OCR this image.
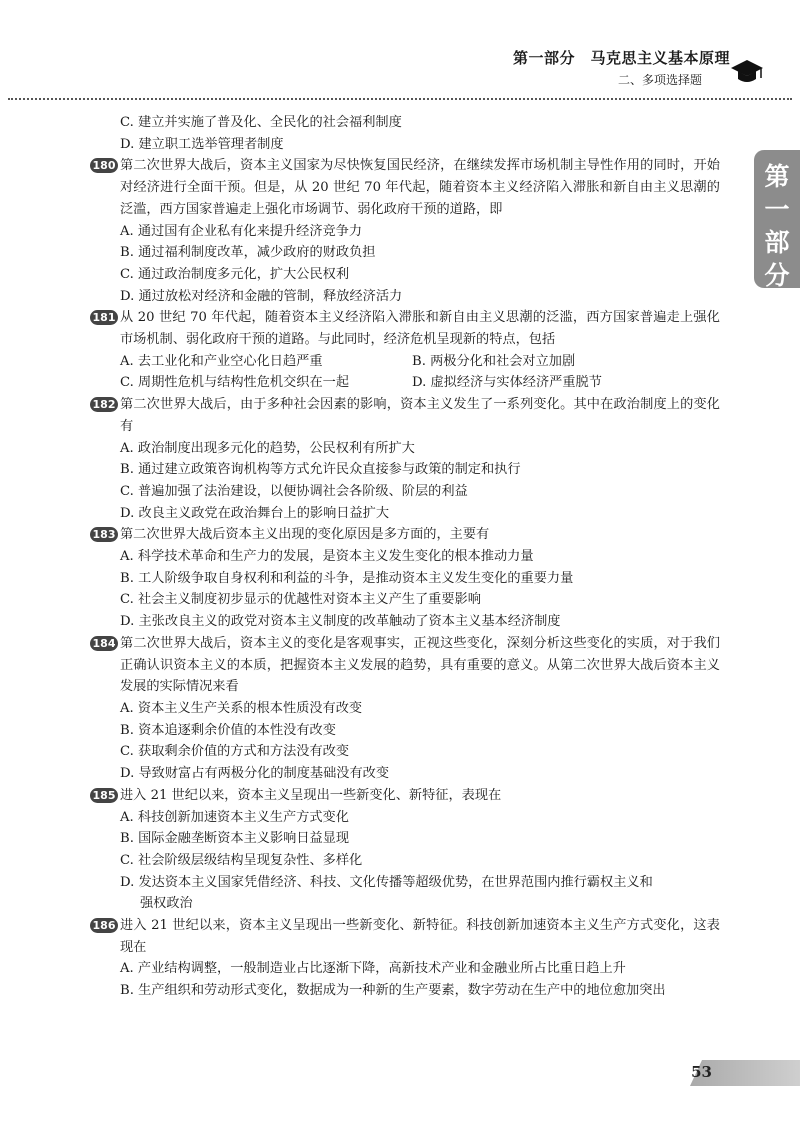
第一部分　马克思主义基本原理
二、多项选择题
第一部分
C. 建立并实施了普及化、全民化的社会福利制度
D. 建立职工选举管理者制度
180 第二次世界大战后，资本主义国家为尽快恢复国民经济，在继续发挥市场机制主导性作用的同时，开始对经济进行全面干预。但是，从 20 世纪 70 年代起，随着资本主义经济陷入滞胀和新自由主义思潮的泛滥，西方国家普遍走上强化市场调节、弱化政府干预的道路，即
A. 通过国有企业私有化来提升经济竞争力
B. 通过福利制度改革，减少政府的财政负担
C. 通过政治制度多元化，扩大公民权利
D. 通过放松对经济和金融的管制，释放经济活力
181 从 20 世纪 70 年代起，随着资本主义经济陷入滞胀和新自由主义思潮的泛滥，西方国家普遍走上强化市场机制、弱化政府干预的道路。与此同时，经济危机呈现新的特点，包括
A. 去工业化和产业空心化日趋严重	B. 两极分化和社会对立加剧
C. 周期性危机与结构性危机交织在一起	D. 虚拟经济与实体经济严重脱节
182 第二次世界大战后，由于多种社会因素的影响，资本主义发生了一系列变化。其中在政治制度上的变化有
A. 政治制度出现多元化的趋势，公民权利有所扩大
B. 通过建立政策咨询机构等方式允许民众直接参与政策的制定和执行
C. 普遍加强了法治建设，以便协调社会各阶级、阶层的利益
D. 改良主义政党在政治舞台上的影响日益扩大
183 第二次世界大战后资本主义出现的变化原因是多方面的，主要有
A. 科学技术革命和生产力的发展，是资本主义发生变化的根本推动力量
B. 工人阶级争取自身权利和利益的斗争，是推动资本主义发生变化的重要力量
C. 社会主义制度初步显示的优越性对资本主义产生了重要影响
D. 主张改良主义的政党对资本主义制度的改革触动了资本主义基本经济制度
184 第二次世界大战后，资本主义的变化是客观事实，正视这些变化，深刻分析这些变化的实质，对于我们正确认识资本主义的本质，把握资本主义发展的趋势，具有重要的意义。从第二次世界大战后资本主义发展的实际情况来看
A. 资本主义生产关系的根本性质没有改变
B. 资本追逐剩余价值的本性没有改变
C. 获取剩余价值的方式和方法没有改变
D. 导致财富占有两极分化的制度基础没有改变
185 进入 21 世纪以来，资本主义呈现出一些新变化、新特征，表现在
A. 科技创新加速资本主义生产方式变化
B. 国际金融垄断资本主义影响日益显现
C. 社会阶级层级结构呈现复杂性、多样化
D. 发达资本主义国家凭借经济、科技、文化传播等超级优势，在世界范围内推行霸权主义和
强权政治
186 进入 21 世纪以来，资本主义呈现出一些新变化、新特征。科技创新加速资本主义生产方式变化，这表现在
A. 产业结构调整，一般制造业占比逐渐下降，高新技术产业和金融业所占比重日趋上升
B. 生产组织和劳动形式变化，数据成为一种新的生产要素，数字劳动在生产中的地位愈加突出
53
